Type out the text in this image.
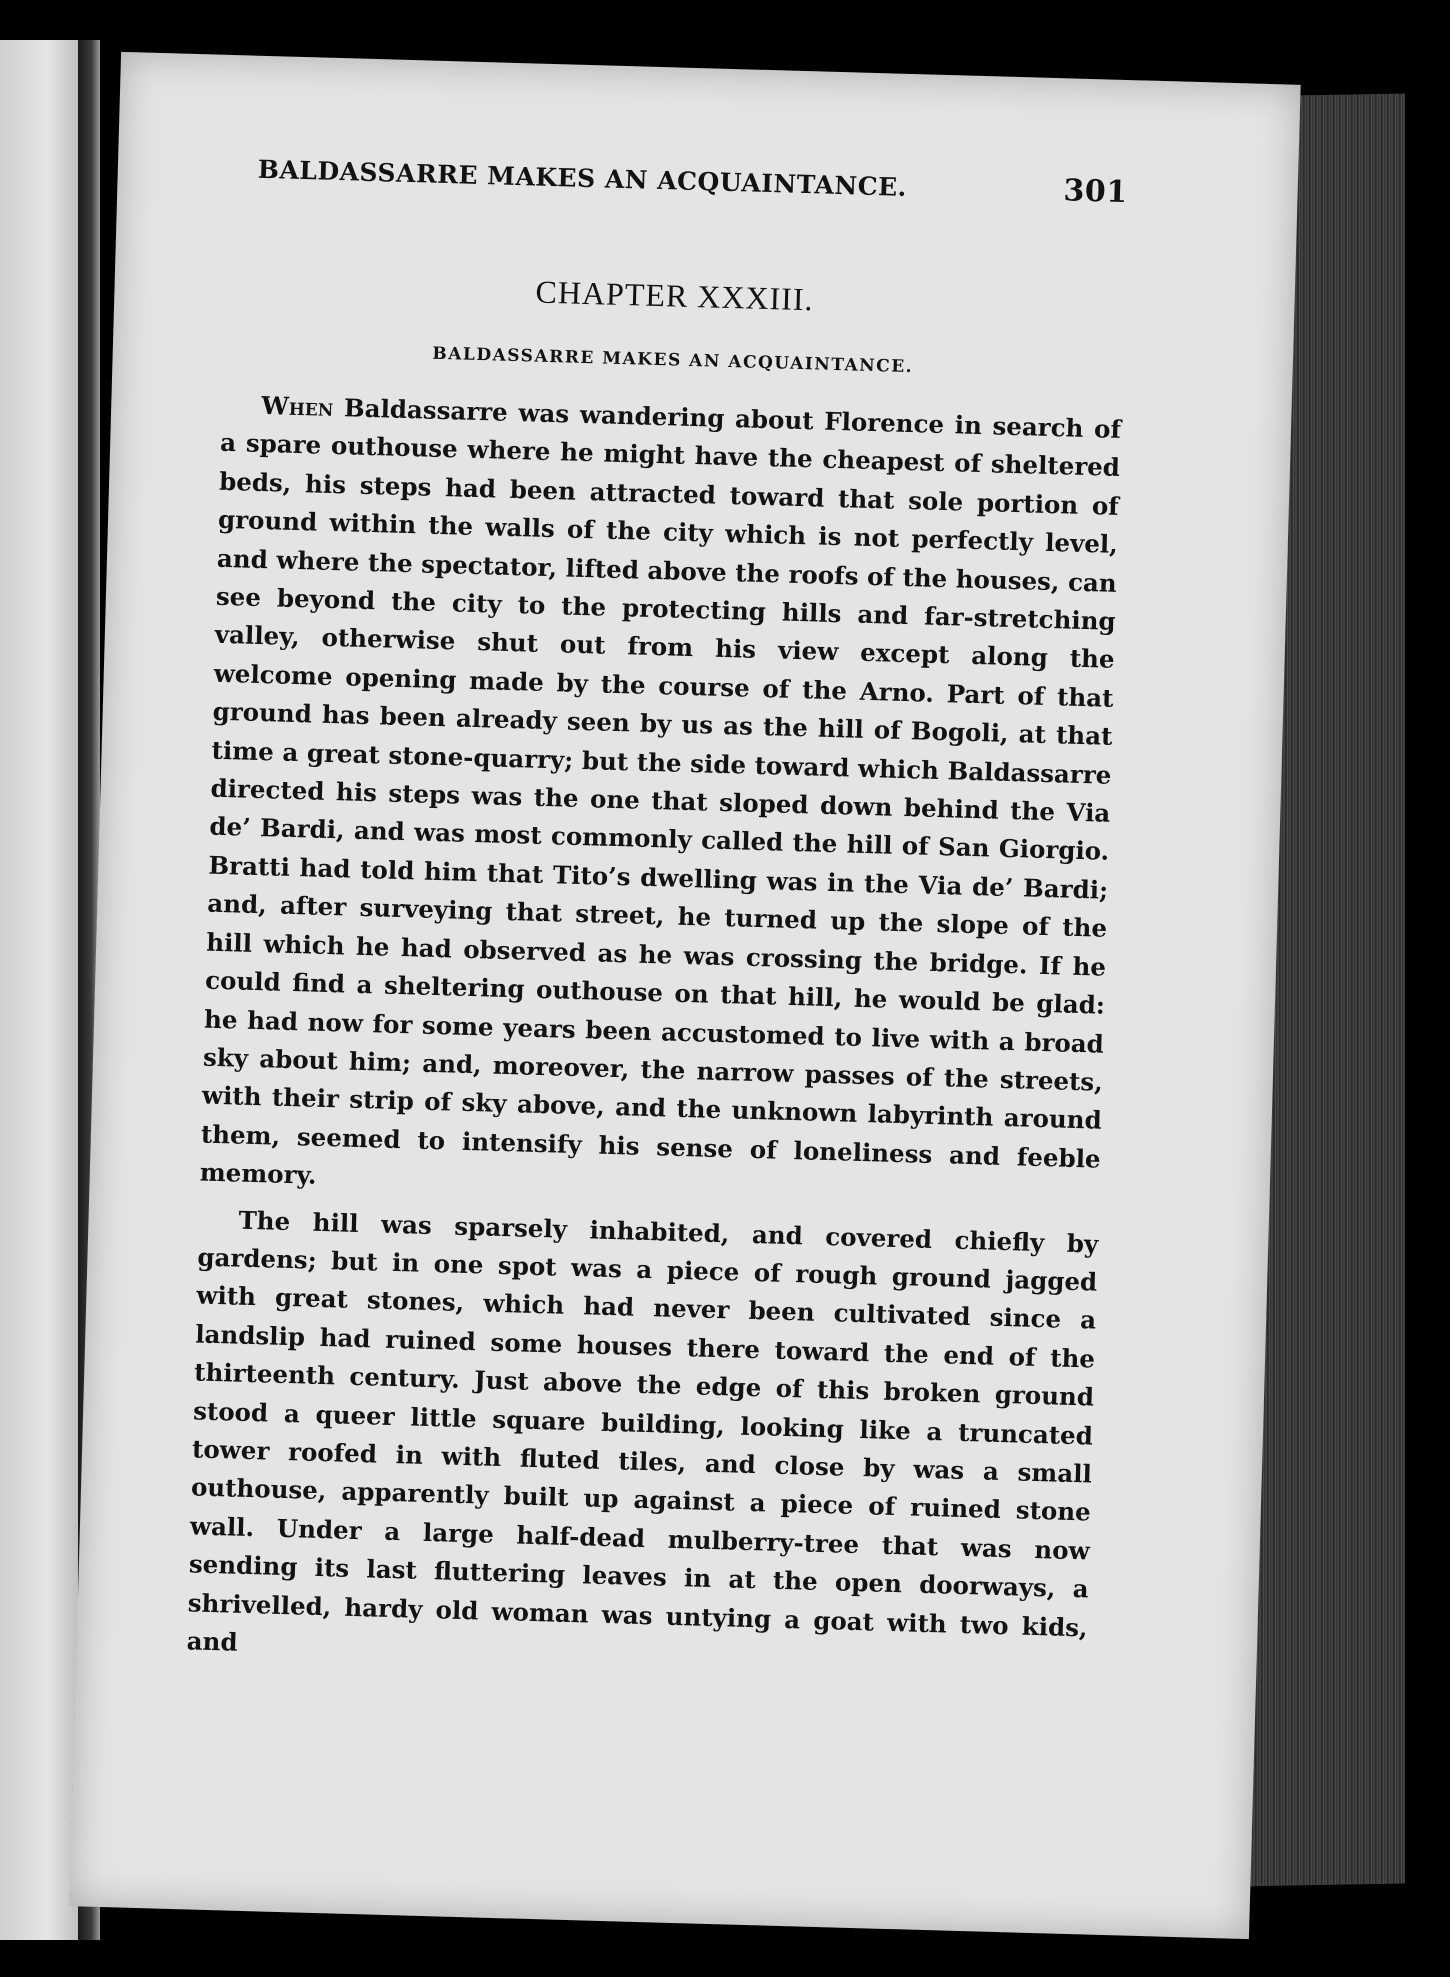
BALDASSARRE MAKES AN ACQUAINTANCE.	301
CHAPTER XXXIII.
BALDASSARRE MAKES AN ACQUAINTANCE.

When Baldassarre was wandering about Florence in search of a spare outhouse where he might have the cheapest of sheltered beds, his steps had been attracted toward that sole portion of ground within the walls of the city which is not perfectly level, and where the spectator, lifted above the roofs of the houses, can see beyond the city to the protecting hills and far-stretching valley, otherwise shut out from his view except along the welcome opening made by the course of the Arno. Part of that ground has been already seen by us as the hill of Bogoli, at that time a great stone-quarry; but the side toward which Baldassarre directed his steps was the one that sloped down behind the Via de’ Bardi, and was most commonly called the hill of San Giorgio. Bratti had told him that Tito’s dwelling was in the Via de’ Bardi; and, after surveying that street, he turned up the slope of the hill which he had observed as he was crossing the bridge. If he could find a sheltering outhouse on that hill, he would be glad: he had now for some years been accustomed to live with a broad sky about him; and, moreover, the narrow passes of the streets, with their strip of sky above, and the unknown labyrinth around them, seemed to intensify his sense of loneliness and feeble memory.

The hill was sparsely inhabited, and covered chiefly by gardens; but in one spot was a piece of rough ground jagged with great stones, which had never been cultivated since a landslip had ruined some houses there toward the end of the thirteenth century. Just above the edge of this broken ground stood a queer little square building, looking like a truncated tower roofed in with fluted tiles, and close by was a small outhouse, apparently built up against a piece of ruined stone wall. Under a large half-dead mulberry-tree that was now sending its last fluttering leaves in at the open doorways, a shrivelled, hardy old woman was untying a goat with two kids, and
